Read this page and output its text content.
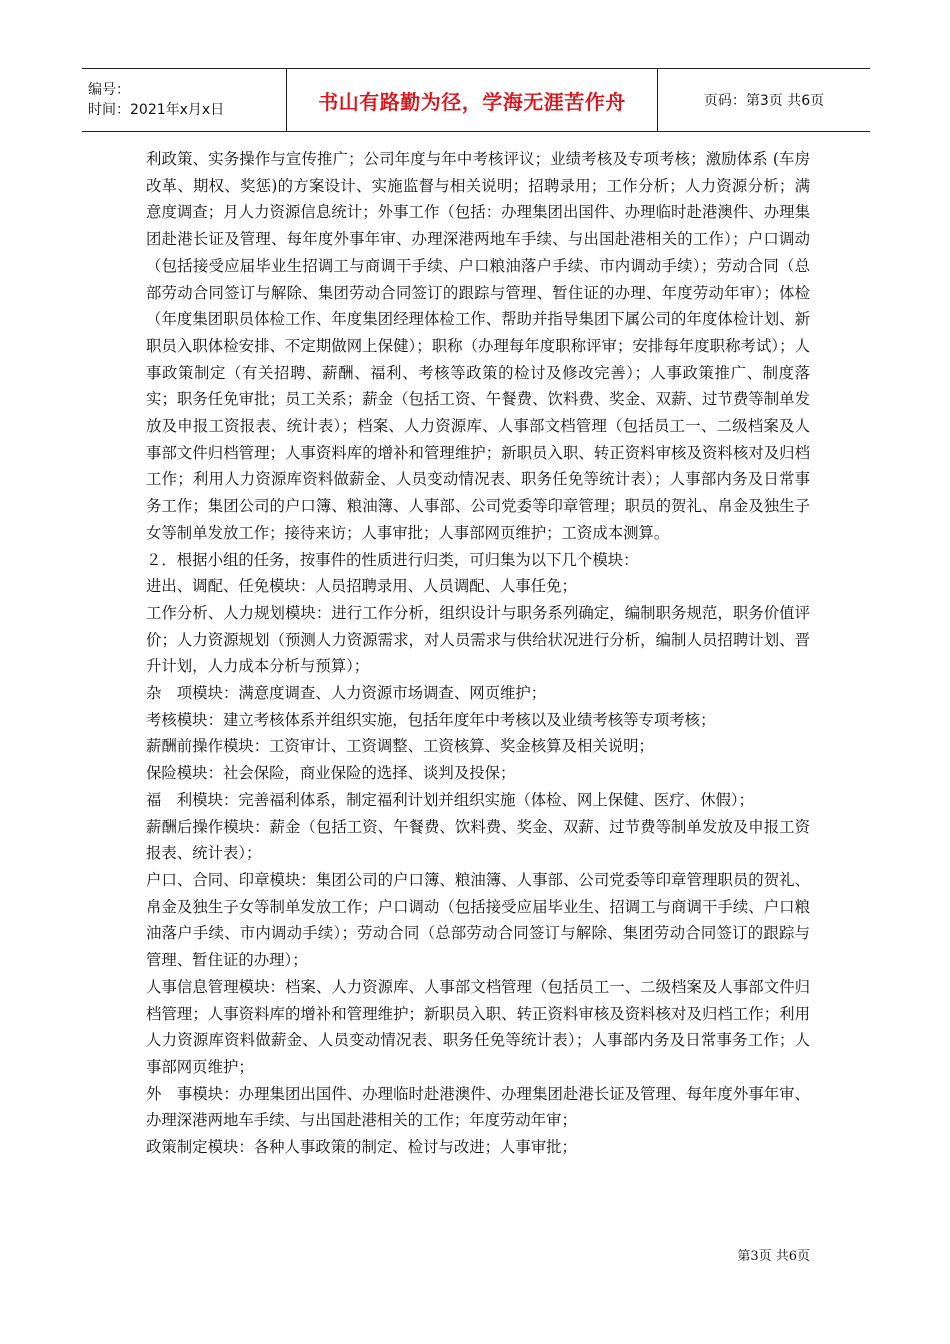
编号：
时间：2021年x月x日	书山有路勤为径，学海无涯苦作舟	页码：第3页 共6页

利政策、实务操作与宣传推广；公司年度与年中考核评议；业绩考核及专项考核；激励体系 (车房改革、期权、奖惩)的方案设计、实施监督与相关说明；招聘录用；工作分析；人力资源分析；满意度调查；月人力资源信息统计；外事工作（包括：办理集团出国件、办理临时赴港澳件、办理集团赴港长证及管理、每年度外事年审、办理深港两地车手续、与出国赴港相关的工作）；户口调动（包括接受应届毕业生招调工与商调干手续、户口粮油落户手续、市内调动手续）；劳动合同（总部劳动合同签订与解除、集团劳动合同签订的跟踪与管理、暂住证的办理、年度劳动年审）；体检（年度集团职员体检工作、年度集团经理体检工作、帮助并指导集团下属公司的年度体检计划、新职员入职体检安排、不定期做网上保健）；职称（办理每年度职称评审；安排每年度职称考试）；人事政策制定（有关招聘、薪酬、福利、考核等政策的检讨及修改完善）；人事政策推广、制度落实；职务任免审批；员工关系；薪金（包括工资、午餐费、饮料费、奖金、双薪、过节费等制单发放及申报工资报表、统计表）；档案、人力资源库、人事部文档管理（包括员工一、二级档案及人事部文件归档管理；人事资料库的增补和管理维护；新职员入职、转正资料审核及资料核对及归档工作；利用人力资源库资料做薪金、人员变动情况表、职务任免等统计表）；人事部内务及日常事务工作；集团公司的户口簿、粮油簿、人事部、公司党委等印章管理；职员的贺礼、帛金及独生子女等制单发放工作；接待来访；人事审批；人事部网页维护；工资成本测算。

２．根据小组的任务，按事件的性质进行归类，可归集为以下几个模块：

进出、调配、任免模块：人员招聘录用、人员调配、人事任免；

工作分析、人力规划模块：进行工作分析，组织设计与职务系列确定，编制职务规范，职务价值评价；人力资源规划（预测人力资源需求，对人员需求与供给状况进行分析，编制人员招聘计划、晋升计划，人力成本分析与预算）；

杂　项模块：满意度调查、人力资源市场调查、网页维护；

考核模块：建立考核体系并组织实施，包括年度年中考核以及业绩考核等专项考核；

薪酬前操作模块：工资审计、工资调整、工资核算、奖金核算及相关说明；

保险模块：社会保险，商业保险的选择、谈判及投保；

福　利模块：完善福利体系，制定福利计划并组织实施（体检、网上保健、医疗、休假）；

薪酬后操作模块：薪金（包括工资、午餐费、饮料费、奖金、双薪、过节费等制单发放及申报工资报表、统计表）；

户口、合同、印章模块：集团公司的户口簿、粮油簿、人事部、公司党委等印章管理职员的贺礼、帛金及独生子女等制单发放工作；户口调动（包括接受应届毕业生、招调工与商调干手续、户口粮油落户手续、市内调动手续）；劳动合同（总部劳动合同签订与解除、集团劳动合同签订的跟踪与管理、暂住证的办理）；

人事信息管理模块：档案、人力资源库、人事部文档管理（包括员工一、二级档案及人事部文件归档管理；人事资料库的增补和管理维护；新职员入职、转正资料审核及资料核对及归档工作；利用人力资源库资料做薪金、人员变动情况表、职务任免等统计表）；人事部内务及日常事务工作；人事部网页维护；

外　事模块：办理集团出国件、办理临时赴港澳件、办理集团赴港长证及管理、每年度外事年审、办理深港两地车手续、与出国赴港相关的工作；年度劳动年审；

政策制定模块：各种人事政策的制定、检讨与改进；人事审批；

第3页 共6页
